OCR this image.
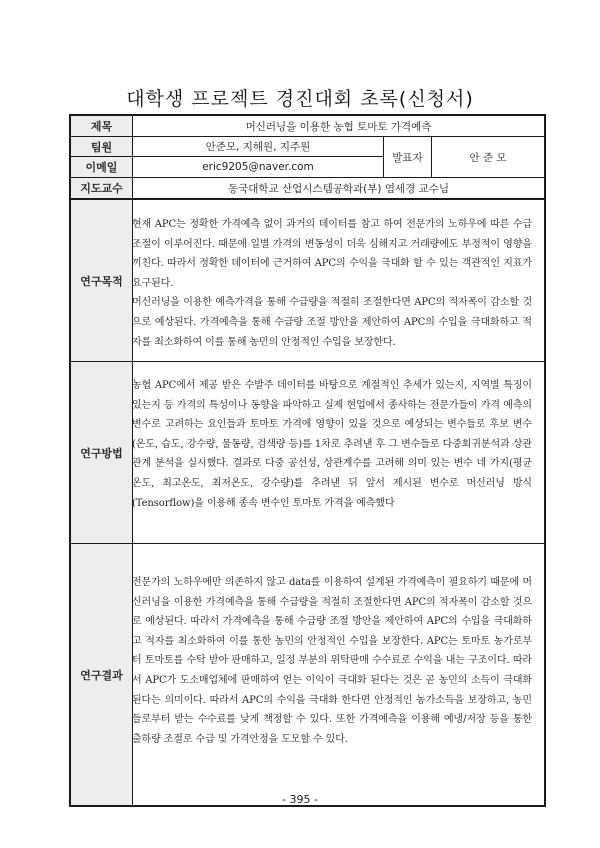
대학생 프로젝트 경진대회 초록(신청서)
제목
팀원
이메일
지도교수
연구목적
연구방법
연구결과
머신러닝을 이용한 농협 토마토 가격예측
안준모, 지해원, 지주원
eric9205@naver.com
발표자	안 준 모
동국대학교 산업시스템공학과(부) 염세경 교수님
현재 APC는 정확한 가격예측 없이 과거의 데이터를 참고 하여 전문가의 노하우에 따른 수급조절이 이루어진다. 때문에 일별 가격의 변동성이 더욱 심해지고 거래량에도 부정적이 영향을 끼친다. 따라서 정확한 데이터에 근거하여 APC의 수익을 극대화 할 수 있는 객관적인 지표가 요구된다.
머신러닝을 이용한 예측가격을 통해 수급량을 적절히 조절한다면 APC의 적자폭이 감소할 것으로 예상된다. 가격예측을 통해 수급량 조절 방안을 제안하여 APC의 수입을 극대화하고 적자를 최소화하여 이를 통해 농민의 안정적인 수입을 보장한다.
농협 APC에서 제공 받은 수발주 데이터를 바탕으로 계절적인 추세가 있는지, 지역별 특징이 있는지 등 가격의 특성이나 동향을 파악하고 실제 현업에서 종사하는 전문가들이 가격 예측의 변수로 고려하는 요인들과 토마토 가격에 영향이 있을 것으로 예상되는 변수들로 후보 변수(온도, 습도, 강수량, 물동량, 검색량 등)를 1차로 추려낸 후 그 변수들로 다중회귀분석과 상관관계 분석을 실시했다. 결과로 다중 공선성, 상관계수를 고려해 의미 있는 변수 네 가지(평균온도, 최고온도, 최저온도, 강수량)를 추려낸 뒤 앞서 제시된 변수로 머신러닝 방식(Tensorflow)을 이용해 종속 변수인 토마토 가격을 예측했다
전문가의 노하우에만 의존하지 않고 data를 이용하여 설계된 가격예측이 필요하기 때문에 머신러닝을 이용한 가격예측을 통해 수급량을 적절히 조절한다면 APC의 적자폭이 감소할 것으로 예상된다. 따라서 가격예측을 통해 수급량 조절 방안을 제안하여 APC의 수입을 극대화하고 적자를 최소화하여 이를 통한 농민의 안정적인 수입을 보장한다. APC는 토마토 농가로부터 토마토를 수탁 받아 판매하고, 일정 부분의 위탁판매 수수료로 수익을 내는 구조이다. 따라서 APC가 도소매업체에 판매하여 얻는 이익이 극대화 된다는 것은 곧 농민의 소득이 극대화된다는 의미이다. 따라서 APC의 수익을 극대화 한다면 안정적인 농가소득을 보장하고, 농민들로부터 받는 수수료를 낮게 책정할 수 있다. 또한 가격예측을 이용해 예냉/저장 등을 통한 출하량 조절로 수급 및 가격안정을 도모할 수 있다.
- 395 -
